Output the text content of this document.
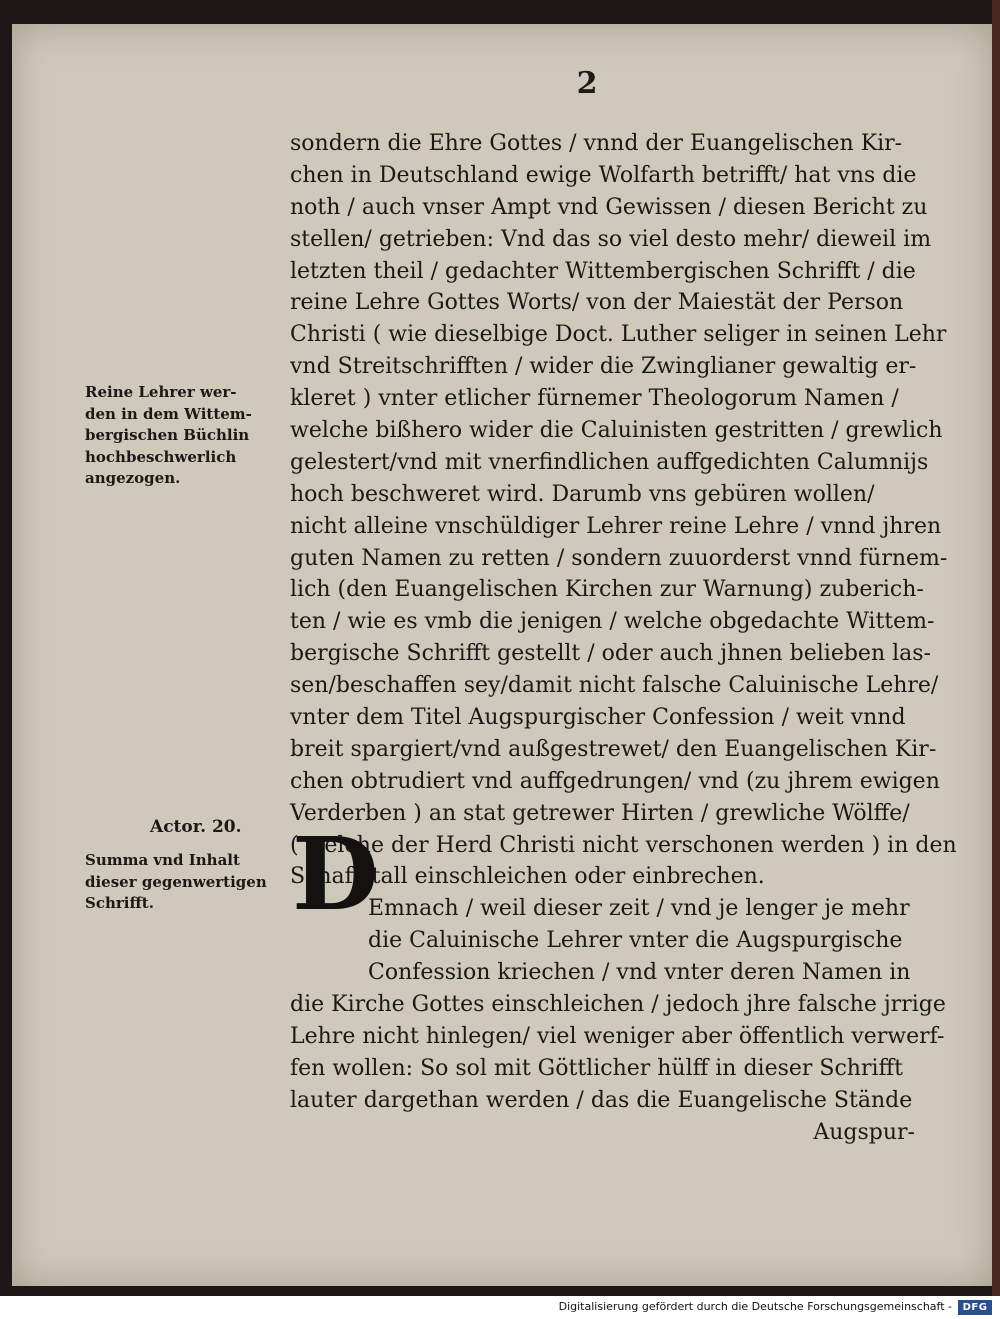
2
sondern die Ehre Gottes / vnnd der Euangelischen Kir-
chen in Deutschland ewige Wolfarth betrifft/ hat vns die
noth / auch vnser Ampt vnd Gewissen / diesen Bericht zu
stellen/ getrieben: Vnd das so viel desto mehr/ dieweil im
letzten theil / gedachter Wittembergischen Schrifft / die
reine Lehre Gottes Worts/ von der Maiestät der Person
Christi ( wie dieselbige Doct. Luther seliger in seinen Lehr
vnd Streitschrifften / wider die Zwinglianer gewaltig er-
kleret ) vnter etlicher fürnemer Theologorum Namen /
welche bißhero wider die Caluinisten gestritten / grewlich
gelestert/vnd mit vnerfindlichen auffgedichten Calumnijs
hoch beschweret wird. Darumb vns gebüren wollen/
nicht alleine vnschüldiger Lehrer reine Lehre / vnnd jhren
guten Namen zu retten / sondern zuuorderst vnnd fürnem-
lich (den Euangelischen Kirchen zur Warnung) zuberich-
ten / wie es vmb die jenigen / welche obgedachte Wittem-
bergische Schrifft gestellt / oder auch jhnen belieben las-
sen/beschaffen sey/damit nicht falsche Caluinische Lehre/
vnter dem Titel Augspurgischer Confession / weit vnnd
breit spargiert/vnd außgestrewet/ den Euangelischen Kir-
chen obtrudiert vnd auffgedrungen/ vnd (zu jhrem ewigen
Verderben ) an stat getrewer Hirten / grewliche Wölffe/
( welche der Herd Christi nicht verschonen werden ) in den
Schaffstall einschleichen oder einbrechen.
Emnach / weil dieser zeit / vnd je lenger je mehr
die Caluinische Lehrer vnter die Augspurgische
Confession kriechen / vnd vnter deren Namen in
die Kirche Gottes einschleichen / jedoch jhre falsche jrrige
Lehre nicht hinlegen/ viel weniger aber öffentlich verwerf-
fen wollen: So sol mit Göttlicher hülff in dieser Schrifft
lauter dargethan werden / das die Euangelische Stände
Augspur-
D
Reine Lehrer wer-
den in dem Wittem-
bergischen Büchlin
hochbeschwerlich
angezogen.
Actor. 20.
Summa vnd Inhalt
dieser gegenwertigen
Schrifft.
Digitalisierung gefördert durch die Deutsche Forschungsgemeinschaft -	DFG
